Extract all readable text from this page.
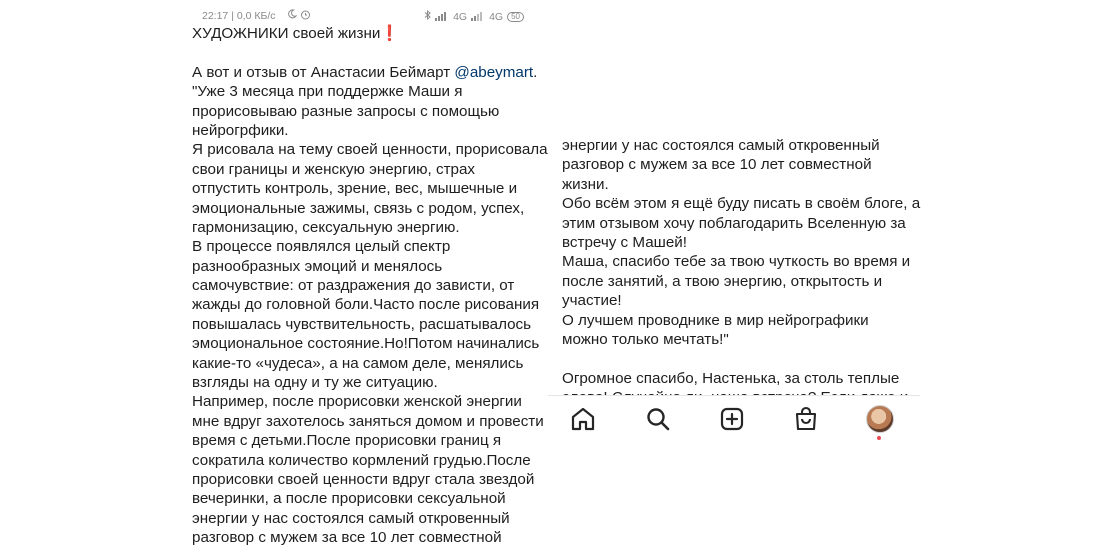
22:17 | 0,0 КБ/с	4G 4G	50
ХУДОЖНИКИ своей жизни❗
А вот и отзыв от Анастасии Беймарт @abeymart.
"Уже 3 месяца при поддержке Маши я
прорисовываю разные запросы с помощью
нейрогрфики.
Я рисовала на тему своей ценности, прорисовала
свои границы и женскую энергию, страх
отпустить контроль, зрение, вес, мышечные и
эмоциональные зажимы, связь с родом, успех,
гармонизацию, сексуальную энергию.
В процессе появлялся целый спектр
разнообразных эмоций и менялось
самочувствие: от раздражения до зависти, от
жажды до головной боли.Часто после рисования
повышалась чувствительность, расшатывалось
эмоциональное состояние.Но!Потом начинались
какие-то «чудеса», а на самом деле, менялись
взгляды на одну и ту же ситуацию.
Например, после прорисовки женской энергии
мне вдруг захотелось заняться домом и провести
время с детьми.После прорисовки границ я
сократила количество кормлений грудью.После
прорисовки своей ценности вдруг стала звездой
вечеринки, а после прорисовки сексуальной
энергии у нас состоялся самый откровенный
разговор с мужем за все 10 лет совместной
энергии у нас состоялся самый откровенный
разговор с мужем за все 10 лет совместной
жизни.
Обо всём этом я ещё буду писать в своём блоге, а
этим отзывом хочу поблагодарить Вселенную за
встречу с Машей!
Маша, спасибо тебе за твою чуткость во время и
после занятий, а твою энергию, открытость и
участие!
О лучшем проводнике в мир нейрографики
можно только мечтать!"
Огромное спасибо, Настенька, за столь теплые
